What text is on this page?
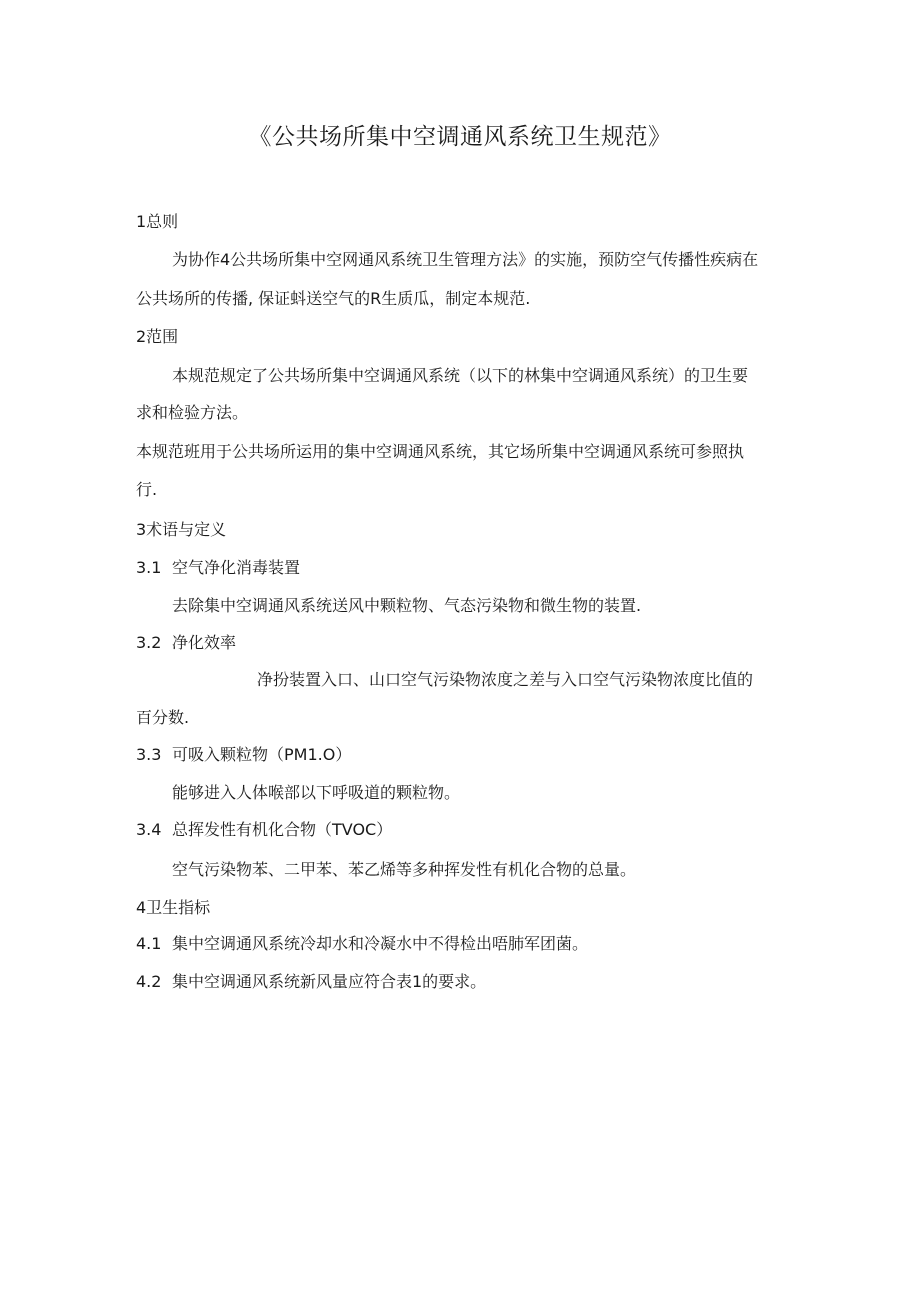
《公共场所集中空调通风系统卫生规范》
1总则
为协作4公共场所集中空网通风系统卫生管理方法》的实施，预防空气传播性疾病在
公共场所的传播, 保证蚪送空气的R生质瓜，制定本规范.
2范围
本规范规定了公共场所集中空调通风系统（以下的林集中空调通风系统）的卫生要
求和检验方法。
本规范班用于公共场所运用的集中空调通风系统，其它场所集中空调通风系统可参照执
行.
3术语与定义
3.1 空气净化消毒装置
去除集中空调通风系统送风中颗粒物、气态污染物和微生物的装置.
3.2 净化效率
净扮装置入口、山口空气污染物浓度之差与入口空气污染物浓度比值的
百分数.
3.3 可吸入颗粒物（PM1.O）
能够进入人体喉部以下呼吸道的颗粒物。
3.4 总挥发性有机化合物（TVOC）
空气污染物苯、二甲苯、苯乙烯等多种挥发性有机化合物的总量。
4卫生指标
4.1 集中空调通风系统冷却水和冷凝水中不得检出唔肺军团菌。
4.2 集中空调通风系统新风量应符合表1的要求。
